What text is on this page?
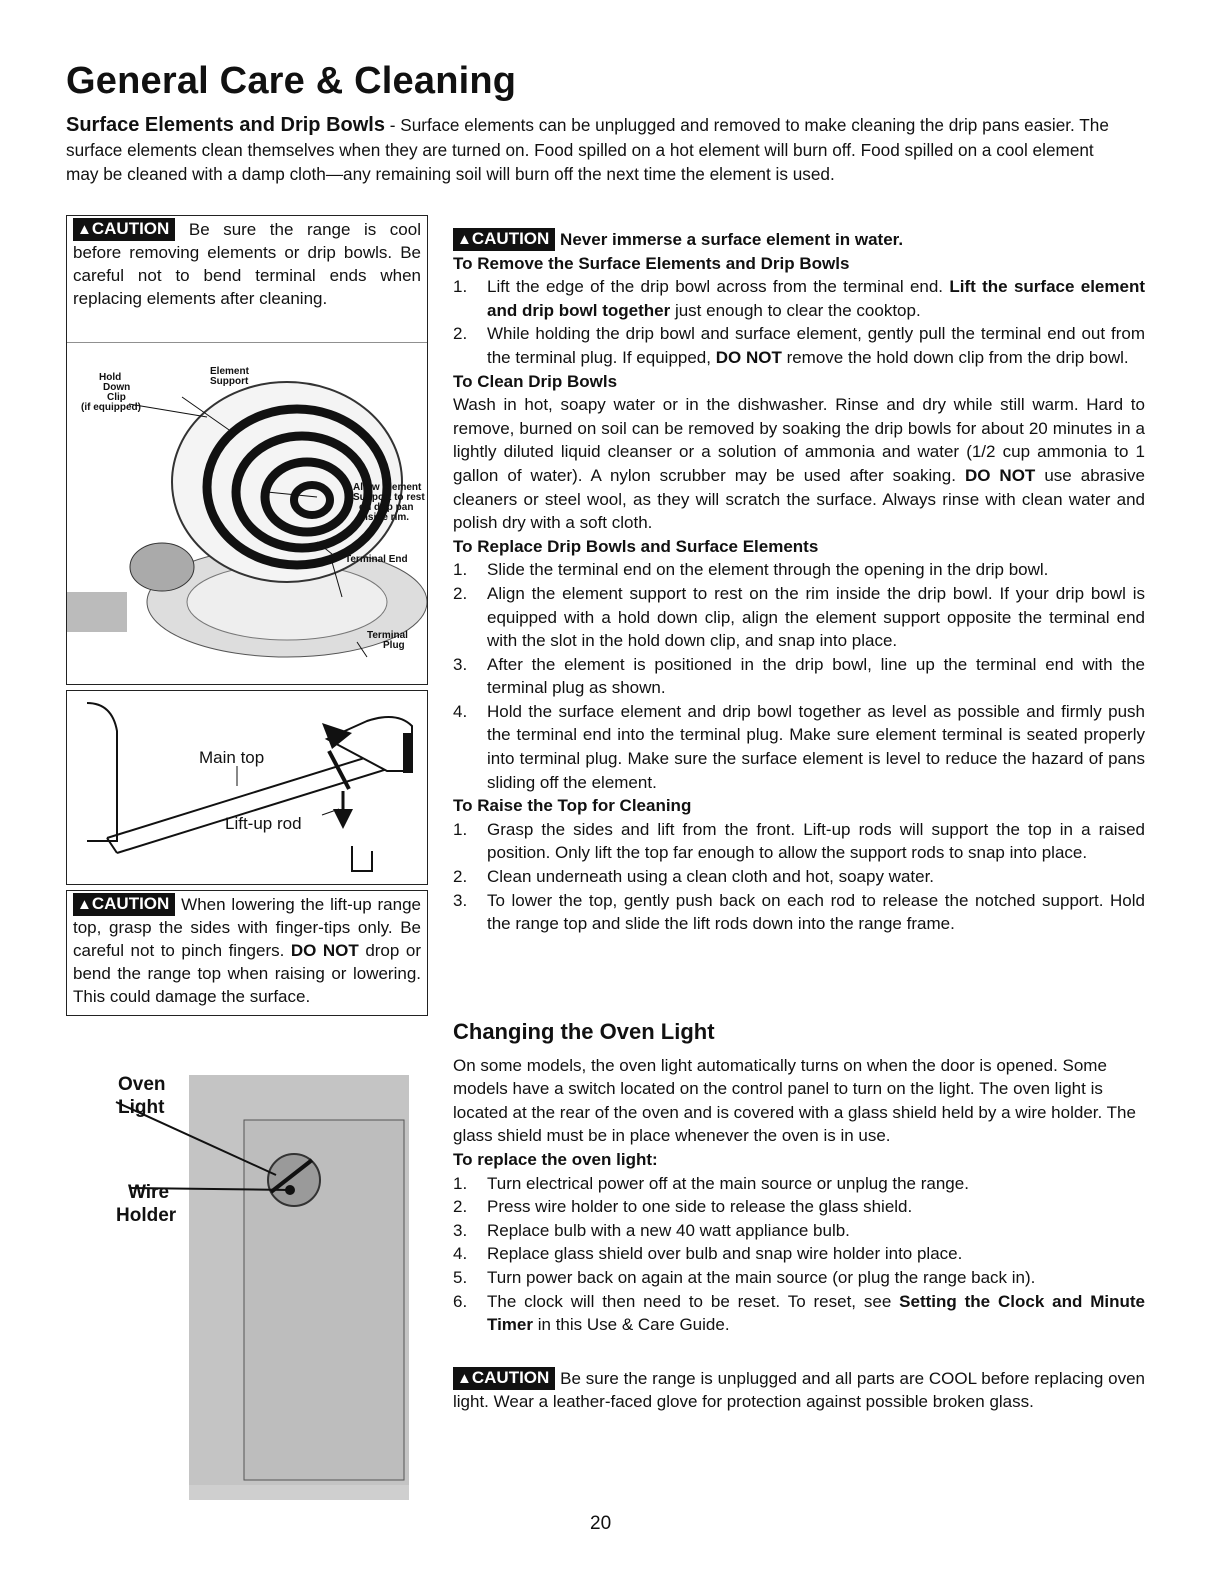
General Care & Cleaning
Surface Elements and Drip Bowls - Surface elements can be unplugged and removed to make cleaning the drip pans easier. The surface elements clean themselves when they are turned on. Food spilled on a hot element will burn off. Food spilled on a cool element may be cleaned with a damp cloth—any remaining soil will burn off the next time the element is used.
▲CAUTION Be sure the range is cool before removing elements or drip bowls. Be careful not to bend terminal ends when replacing elements after cleaning.
Hold
Down
Clip
(if equipped)
Element
Support
Allow Element
Support to rest
on drip pan
inside rim.
Terminal End
Terminal
Plug
Main top
Lift-up rod
▲CAUTION When lowering the lift-up range top, grasp the sides with finger-tips only. Be careful not to pinch fingers. DO NOT drop or bend the range top when raising or lowering. This could damage the surface.
Oven
Light
Wire
Holder
▲CAUTION Never immerse a surface element in water.
To Remove the Surface Elements and Drip Bowls
1. Lift the edge of the drip bowl across from the terminal end. Lift the surface element and drip bowl together just enough to clear the cooktop.
2. While holding the drip bowl and surface element, gently pull the terminal end out from the terminal plug. If equipped, DO NOT remove the hold down clip from the drip bowl.
To Clean Drip Bowls
Wash in hot, soapy water or in the dishwasher. Rinse and dry while still warm. Hard to remove, burned on soil can be removed by soaking the drip bowls for about 20 minutes in a lightly diluted liquid cleanser or a solution of ammonia and water (1/2 cup ammonia to 1 gallon of water). A nylon scrubber may be used after soaking. DO NOT use abrasive cleaners or steel wool, as they will scratch the surface. Always rinse with clean water and polish dry with a soft cloth.
To Replace Drip Bowls and Surface Elements
1. Slide the terminal end on the element through the opening in the drip bowl.
2. Align the element support to rest on the rim inside the drip bowl. If your drip bowl is equipped with a hold down clip, align the element support opposite the terminal end with the slot in the hold down clip, and snap into place.
3. After the element is positioned in the drip bowl, line up the terminal end with the terminal plug as shown.
4. Hold the surface element and drip bowl together as level as possible and firmly push the terminal end into the terminal plug. Make sure element terminal is seated properly into terminal plug. Make sure the surface element is level to reduce the hazard of pans sliding off the element.
To Raise the Top for Cleaning
1. Grasp the sides and lift from the front. Lift-up rods will support the top in a raised position. Only lift the top far enough to allow the support rods to snap into place.
2. Clean underneath using a clean cloth and hot, soapy water.
3. To lower the top, gently push back on each rod to release the notched support. Hold the range top and slide the lift rods down into the range frame.
Changing the Oven Light
On some models, the oven light automatically turns on when the door is opened. Some models have a switch located on the control panel to turn on the light. The oven light is located at the rear of the oven and is covered with a glass shield held by a wire holder. The glass shield must be in place whenever the oven is in use.
To replace the oven light:
1. Turn electrical power off at the main source or unplug the range.
2. Press wire holder to one side to release the glass shield.
3. Replace bulb with a new 40 watt appliance bulb.
4. Replace glass shield over bulb and snap wire holder into place.
5. Turn power back on again at the main source (or plug the range back in).
6. The clock will then need to be reset. To reset, see Setting the Clock and Minute Timer in this Use & Care Guide.
▲CAUTION Be sure the range is unplugged and all parts are COOL before replacing oven light. Wear a leather-faced glove for protection against possible broken glass.
20
